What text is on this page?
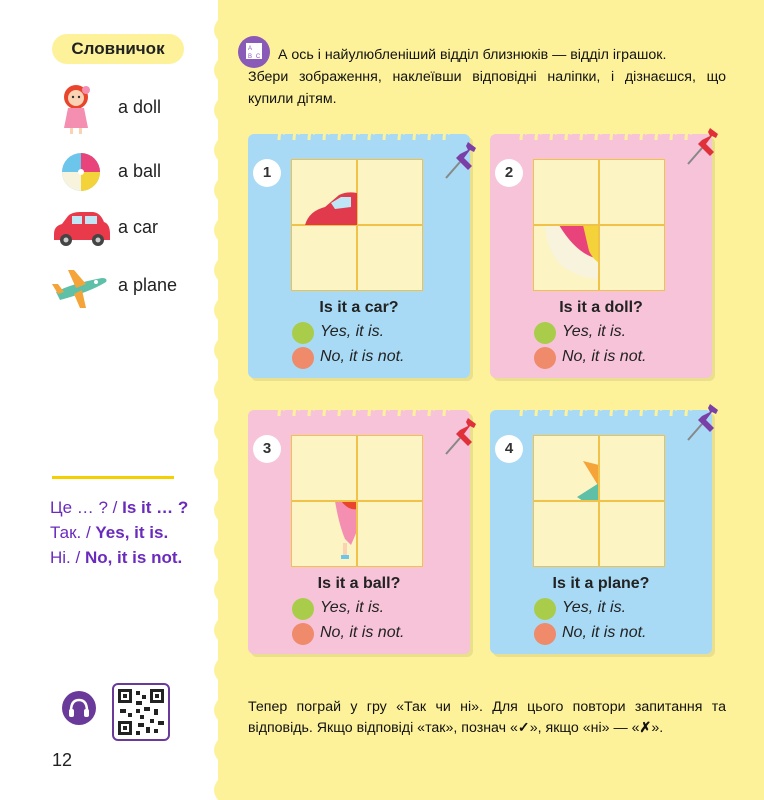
Словничок
a doll
a ball
a car
a plane
Це … ? / Is it … ?
Так. / Yes, it is.
Ні. / No, it is not.
12
A
B C А ось і найулюбленіший відділ близнюків — відділ іграшок.
Збери зображення, наклеївши відповідні наліпки, і дізнаєшся, що купили дітям.
1
Is it a car?
Yes, it is.
No, it is not.
2
Is it a doll?
Yes, it is.
No, it is not.
3
Is it a ball?
Yes, it is.
No, it is not.
4
Is it a plane?
Yes, it is.
No, it is not.
Тепер пограй у гру «Так чи ні». Для цього повтори запитання та відповідь. Якщо відповіді «так», познач «✓», якщо «ні» — «✗».
